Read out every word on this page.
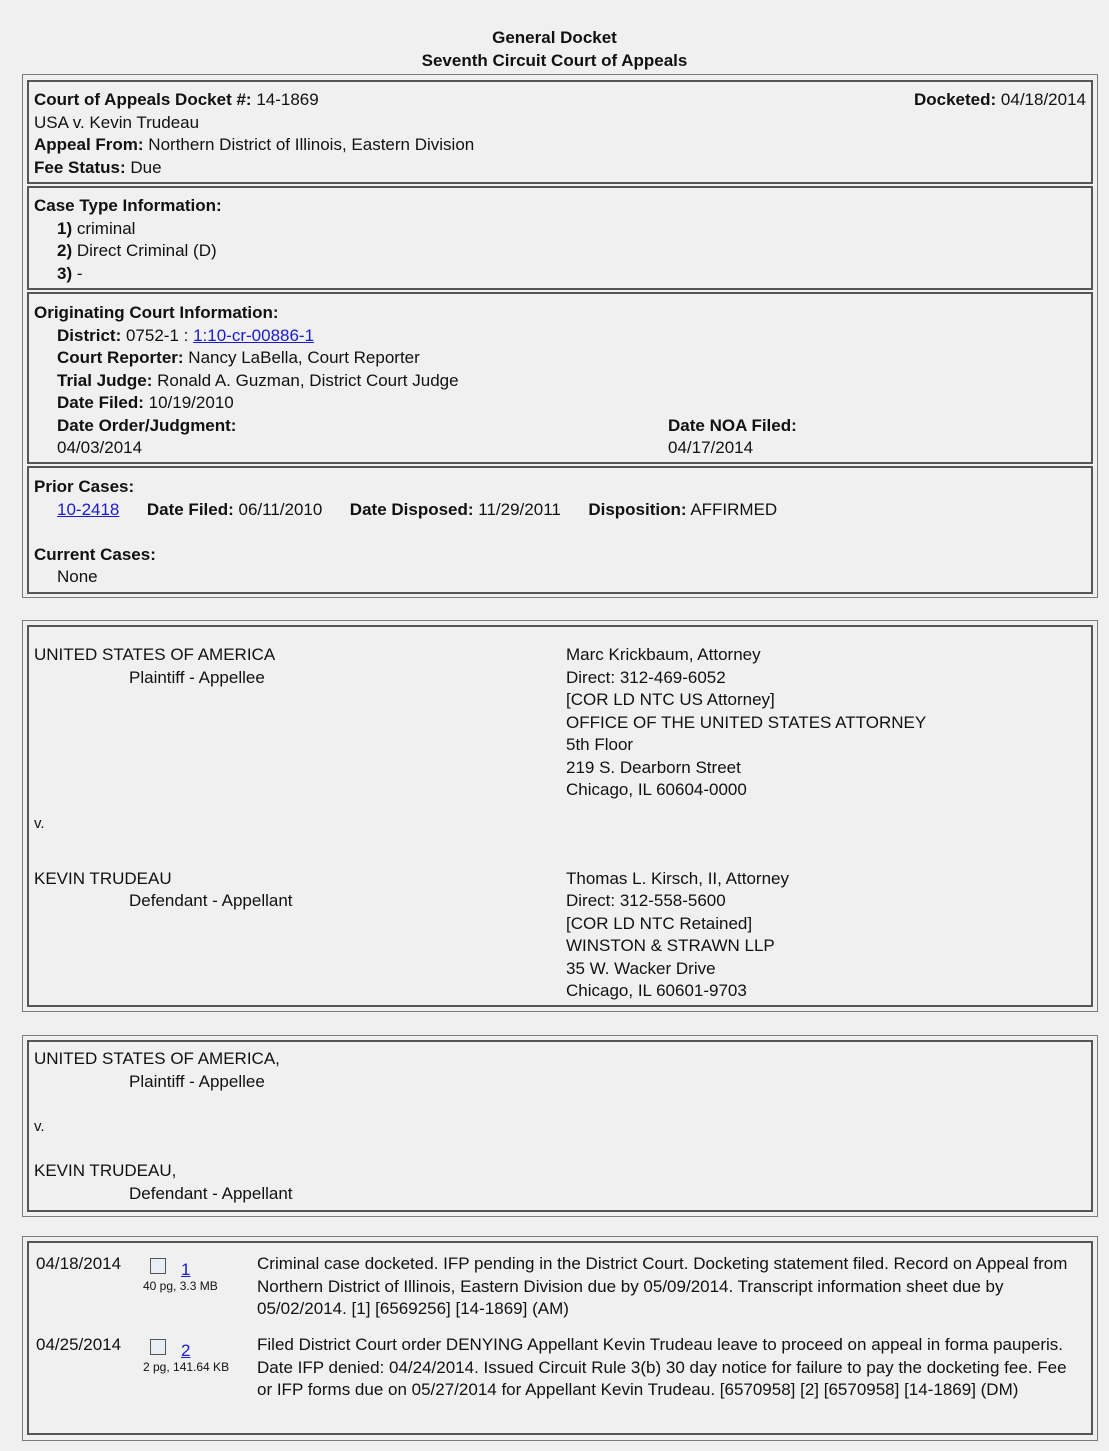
General Docket
Seventh Circuit Court of Appeals
Court of Appeals Docket #: 14-1869	Docketed: 04/18/2014
USA v. Kevin Trudeau
Appeal From: Northern District of Illinois, Eastern Division
Fee Status: Due
Case Type Information:
1) criminal
2) Direct Criminal (D)
3) -
Originating Court Information:
District: 0752-1 : 1:10-cr-00886-1
Court Reporter: Nancy LaBella, Court Reporter
Trial Judge: Ronald A. Guzman, District Court Judge
Date Filed: 10/19/2010
Date Order/Judgment:
04/03/2014
Date NOA Filed:
04/17/2014
Prior Cases:
10-2418 Date Filed: 06/11/2010 Date Disposed: 11/29/2011 Disposition: AFFIRMED
Current Cases:
None
UNITED STATES OF AMERICA
Plaintiff - Appellee
Marc Krickbaum, Attorney
Direct: 312-469-6052
[COR LD NTC US Attorney]
OFFICE OF THE UNITED STATES ATTORNEY
5th Floor
219 S. Dearborn Street
Chicago, IL 60604-0000
v.
KEVIN TRUDEAU
Defendant - Appellant
Thomas L. Kirsch, II, Attorney
Direct: 312-558-5600
[COR LD NTC Retained]
WINSTON & STRAWN LLP
35 W. Wacker Drive
Chicago, IL 60601-9703
UNITED STATES OF AMERICA,
Plaintiff - Appellee
v.
KEVIN TRUDEAU,
Defendant - Appellant
04/18/2014	1
40 pg, 3.3 MB
Criminal case docketed. IFP pending in the District Court. Docketing statement filed. Record on Appeal from Northern District of Illinois, Eastern Division due by 05/09/2014. Transcript information sheet due by 05/02/2014. [1] [6569256] [14-1869] (AM)
04/25/2014	2
2 pg, 141.64 KB
Filed District Court order DENYING Appellant Kevin Trudeau leave to proceed on appeal in forma pauperis. Date IFP denied: 04/24/2014. Issued Circuit Rule 3(b) 30 day notice for failure to pay the docketing fee. Fee or IFP forms due on 05/27/2014 for Appellant Kevin Trudeau. [6570958] [2] [6570958] [14-1869] (DM)
